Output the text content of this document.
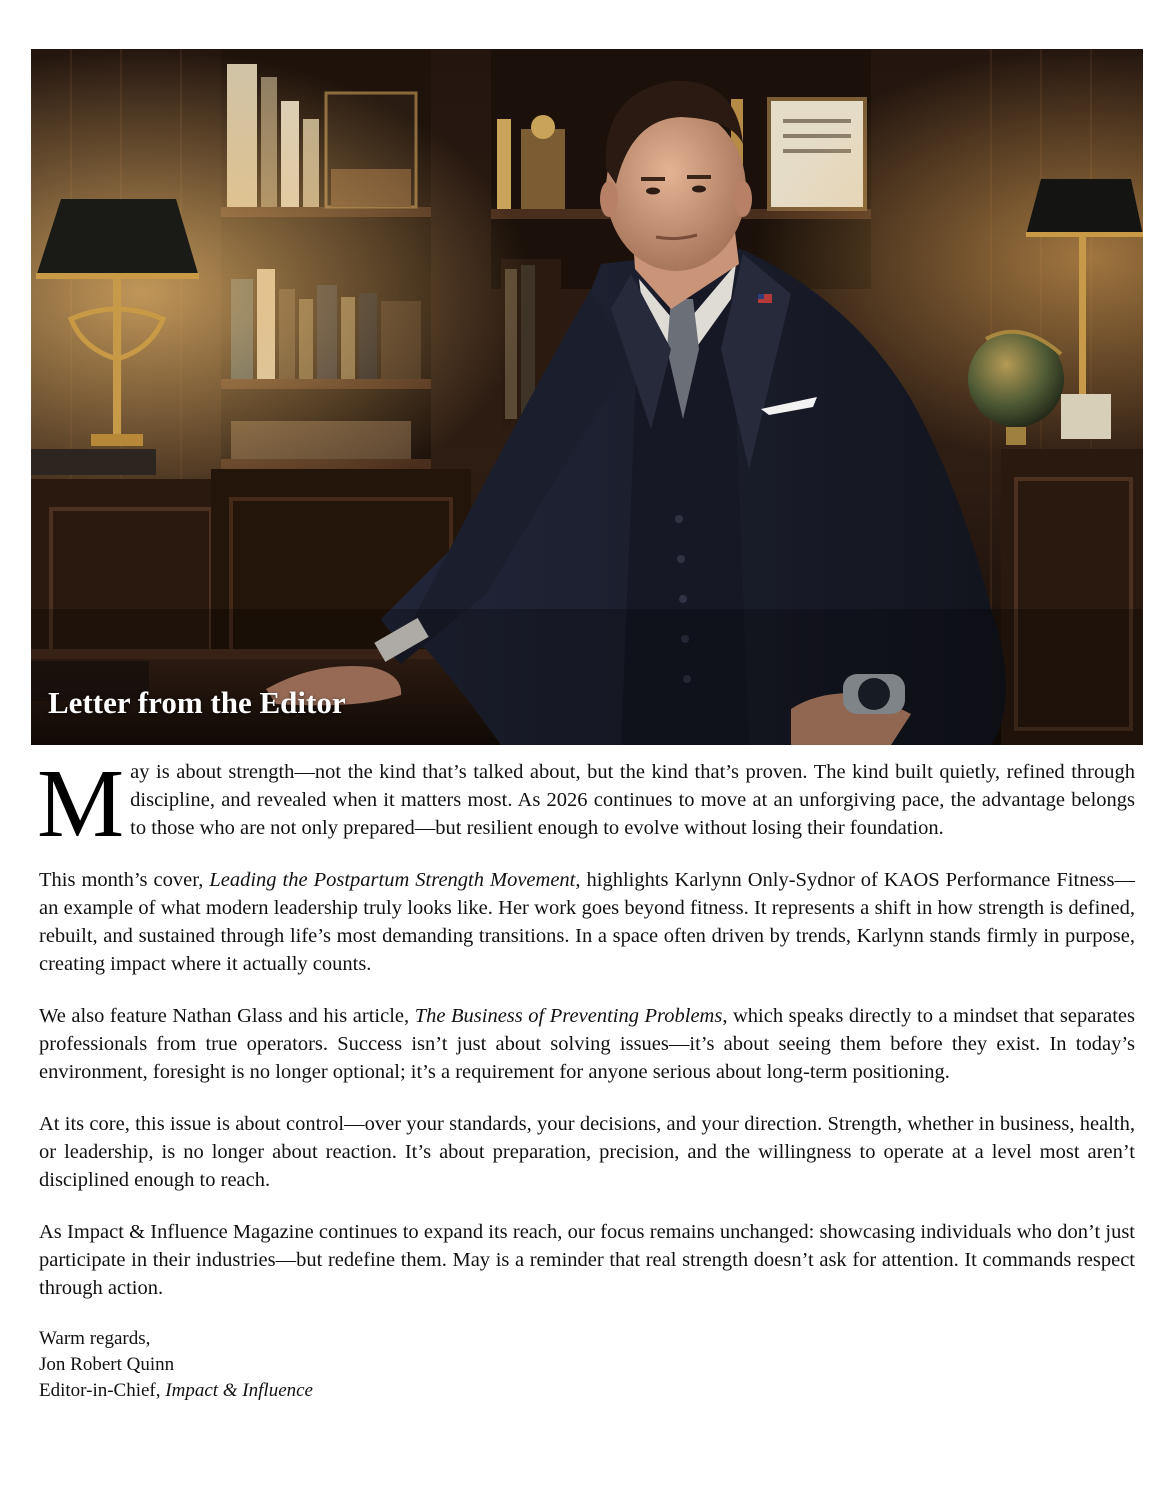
Letter from the Editor

May is about strength—not the kind that’s talked about, but the kind that’s proven. The kind built quietly, refined through discipline, and revealed when it matters most. As 2026 continues to move at an unforgiving pace, the advantage belongs to those who are not only prepared—but resilient enough to evolve without losing their foundation.

This month’s cover, Leading the Postpartum Strength Movement, highlights Karlynn Only-Sydnor of KAOS Performance Fitness—an example of what modern leadership truly looks like. Her work goes beyond fitness. It represents a shift in how strength is defined, rebuilt, and sustained through life’s most demanding transitions. In a space often driven by trends, Karlynn stands firmly in purpose, creating impact where it actually counts.

We also feature Nathan Glass and his article, The Business of Preventing Problems, which speaks directly to a mindset that separates professionals from true operators. Success isn’t just about solving issues—it’s about seeing them before they exist. In today’s environment, foresight is no longer optional; it’s a requirement for anyone serious about long-term positioning.

At its core, this issue is about control—over your standards, your decisions, and your direction. Strength, whether in business, health, or leadership, is no longer about reaction. It’s about preparation, precision, and the willingness to operate at a level most aren’t disciplined enough to reach.

As Impact & Influence Magazine continues to expand its reach, our focus remains unchanged: showcasing individuals who don’t just participate in their industries—but redefine them. May is a reminder that real strength doesn’t ask for attention. It commands respect through action.

Warm regards,
Jon Robert Quinn
Editor-in-Chief, Impact & Influence
